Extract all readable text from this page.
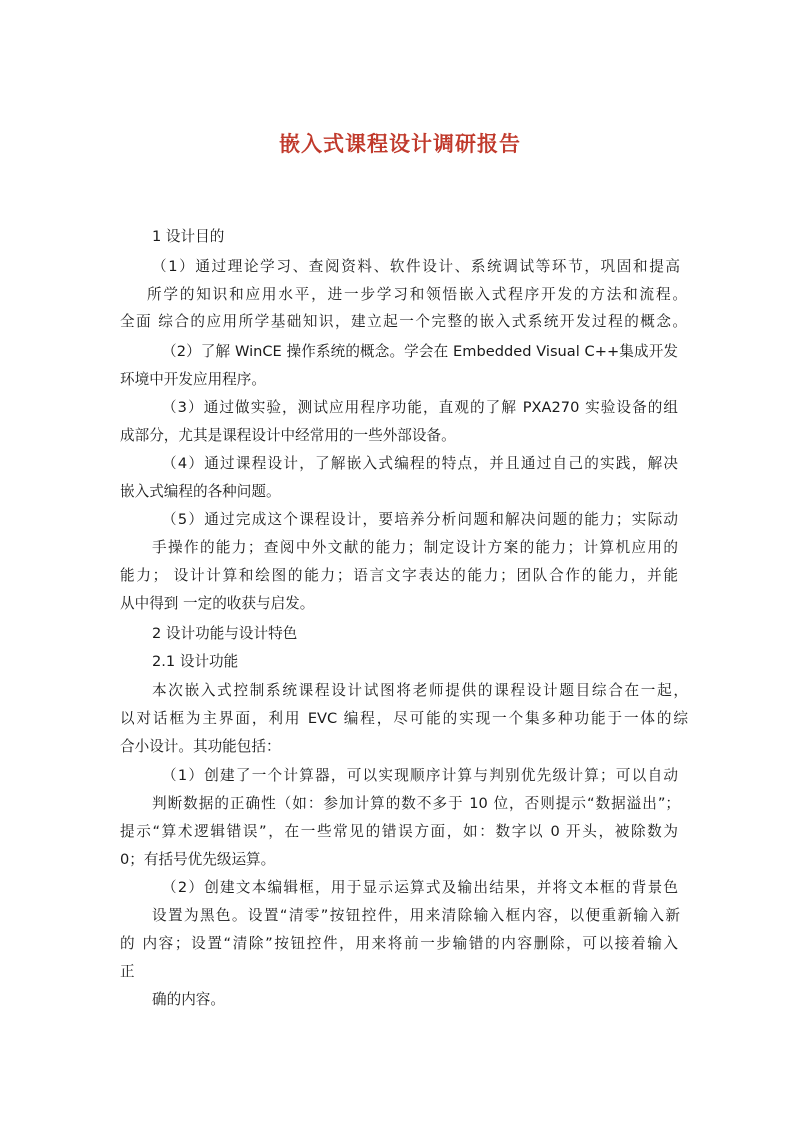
嵌入式课程设计调研报告
1 设计目的
（1）通过理论学习、查阅资料、软件设计、系统调试等环节，巩固和提高
所学的知识和应用水平，进一步学习和领悟嵌入式程序开发的方法和流程。
全面 综合的应用所学基础知识，建立起一个完整的嵌入式系统开发过程的概念。
（2）了解 WinCE 操作系统的概念。学会在 Embedded Visual C++集成开发
环境中开发应用程序。
（3）通过做实验，测试应用程序功能，直观的了解 PXA270 实验设备的组
成部分，尤其是课程设计中经常用的一些外部设备。
（4）通过课程设计，了解嵌入式编程的特点，并且通过自己的实践，解决
嵌入式编程的各种问题。
（5）通过完成这个课程设计，要培养分析问题和解决问题的能力；实际动
手操作的能力；查阅中外文献的能力；制定设计方案的能力；计算机应用的
能力； 设计计算和绘图的能力；语言文字表达的能力；团队合作的能力，并能
从中得到 一定的收获与启发。
2 设计功能与设计特色
2.1 设计功能
本次嵌入式控制系统课程设计试图将老师提供的课程设计题目综合在一起，
以对话框为主界面，利用 EVC 编程，尽可能的实现一个集多种功能于一体的综
合小设计。其功能包括：
（1）创建了一个计算器，可以实现顺序计算与判别优先级计算；可以自动
判断数据的正确性（如：参加计算的数不多于 10 位，否则提示“数据溢出”；
提示“算术逻辑错误”，在一些常见的错误方面，如：数字以 0 开头，被除数为
0；有括号优先级运算。
（2）创建文本编辑框，用于显示运算式及输出结果，并将文本框的背景色
设置为黑色。设置“清零”按钮控件，用来清除输入框内容，以便重新输入新
的 内容；设置“清除”按钮控件，用来将前一步输错的内容删除，可以接着输入
正
确的内容。
